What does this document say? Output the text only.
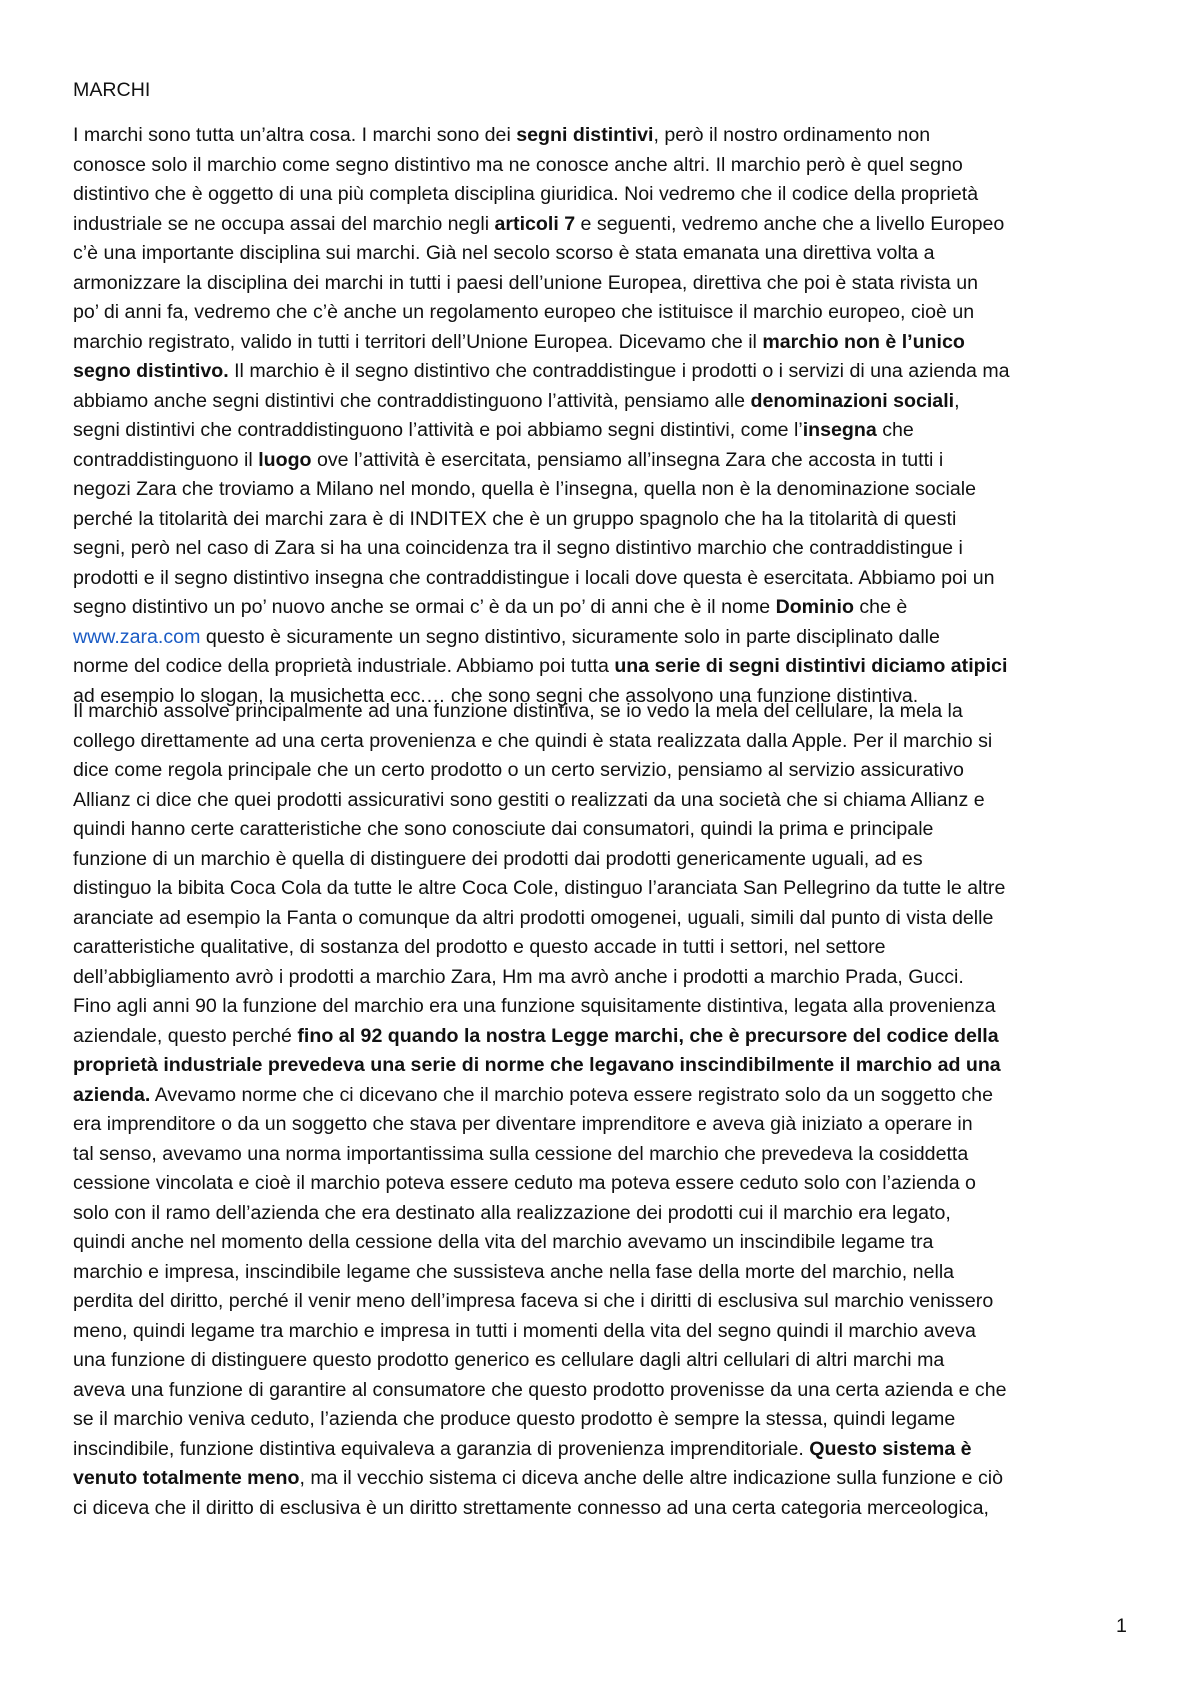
MARCHI
I marchi sono tutta un’altra cosa. I marchi sono dei segni distintivi, però il nostro ordinamento non
conosce solo il marchio come segno distintivo ma ne conosce anche altri. Il marchio però è quel segno
distintivo che è oggetto di una più completa disciplina giuridica. Noi vedremo che il codice della proprietà
industriale se ne occupa assai del marchio negli articoli 7 e seguenti, vedremo anche che a livello Europeo
c’è una importante disciplina sui marchi. Già nel secolo scorso è stata emanata una direttiva volta a
armonizzare la disciplina dei marchi in tutti i paesi dell’unione Europea, direttiva che poi è stata rivista un
po’ di anni fa, vedremo che c’è anche un regolamento europeo che istituisce il marchio europeo, cioè un
marchio registrato, valido in tutti i territori dell’Unione Europea. Dicevamo che il marchio non è l’unico
segno distintivo. Il marchio è il segno distintivo che contraddistingue i prodotti o i servizi di una azienda ma
abbiamo anche segni distintivi che contraddistinguono l’attività, pensiamo alle denominazioni sociali,
segni distintivi che contraddistinguono l’attività e poi abbiamo segni distintivi, come l’insegna che
contraddistinguono il luogo ove l’attività è esercitata, pensiamo all’insegna Zara che accosta in tutti i
negozi Zara che troviamo a Milano nel mondo, quella è l’insegna, quella non è la denominazione sociale
perché la titolarità dei marchi zara è di INDITEX che è un gruppo spagnolo che ha la titolarità di questi
segni, però nel caso di Zara si ha una coincidenza tra il segno distintivo marchio che contraddistingue i
prodotti e il segno distintivo insegna che contraddistingue i locali dove questa è esercitata. Abbiamo poi un
segno distintivo un po’ nuovo anche se ormai c’ è da un po’ di anni che è il nome Dominio che è
www.zara.com questo è sicuramente un segno distintivo, sicuramente solo in parte disciplinato dalle
norme del codice della proprietà industriale. Abbiamo poi tutta una serie di segni distintivi diciamo atipici
ad esempio lo slogan, la musichetta ecc.… che sono segni che assolvono una funzione distintiva.
Il marchio assolve principalmente ad una funzione distintiva, se io vedo la mela del cellulare, la mela la
collego direttamente ad una certa provenienza e che quindi è stata realizzata dalla Apple. Per il marchio si
dice come regola principale che un certo prodotto o un certo servizio, pensiamo al servizio assicurativo
Allianz ci dice che quei prodotti assicurativi sono gestiti o realizzati da una società che si chiama Allianz e
quindi hanno certe caratteristiche che sono conosciute dai consumatori, quindi la prima e principale
funzione di un marchio è quella di distinguere dei prodotti dai prodotti genericamente uguali, ad es
distinguo la bibita Coca Cola da tutte le altre Coca Cole, distinguo l’aranciata San Pellegrino da tutte le altre
aranciate ad esempio la Fanta o comunque da altri prodotti omogenei, uguali, simili dal punto di vista delle
caratteristiche qualitative, di sostanza del prodotto e questo accade in tutti i settori, nel settore
dell’abbigliamento avrò i prodotti a marchio Zara, Hm ma avrò anche i prodotti a marchio Prada, Gucci.
Fino agli anni 90 la funzione del marchio era una funzione squisitamente distintiva, legata alla provenienza
aziendale, questo perché fino al 92 quando la nostra Legge marchi, che è precursore del codice della
proprietà industriale prevedeva una serie di norme che legavano inscindibilmente il marchio ad una
azienda. Avevamo norme che ci dicevano che il marchio poteva essere registrato solo da un soggetto che
era imprenditore o da un soggetto che stava per diventare imprenditore e aveva già iniziato a operare in
tal senso, avevamo una norma importantissima sulla cessione del marchio che prevedeva la cosiddetta
cessione vincolata e cioè il marchio poteva essere ceduto ma poteva essere ceduto solo con l’azienda o
solo con il ramo dell’azienda che era destinato alla realizzazione dei prodotti cui il marchio era legato,
quindi anche nel momento della cessione della vita del marchio avevamo un inscindibile legame tra
marchio e impresa, inscindibile legame che sussisteva anche nella fase della morte del marchio, nella
perdita del diritto, perché il venir meno dell’impresa faceva si che i diritti di esclusiva sul marchio venissero
meno, quindi legame tra marchio e impresa in tutti i momenti della vita del segno quindi il marchio aveva
una funzione di distinguere questo prodotto generico es cellulare dagli altri cellulari di altri marchi ma
aveva una funzione di garantire al consumatore che questo prodotto provenisse da una certa azienda e che
se il marchio veniva ceduto, l’azienda che produce questo prodotto è sempre la stessa, quindi legame
inscindibile, funzione distintiva equivaleva a garanzia di provenienza imprenditoriale. Questo sistema è
venuto totalmente meno, ma il vecchio sistema ci diceva anche delle altre indicazione sulla funzione e ciò
ci diceva che il diritto di esclusiva è un diritto strettamente connesso ad una certa categoria merceologica,
1
